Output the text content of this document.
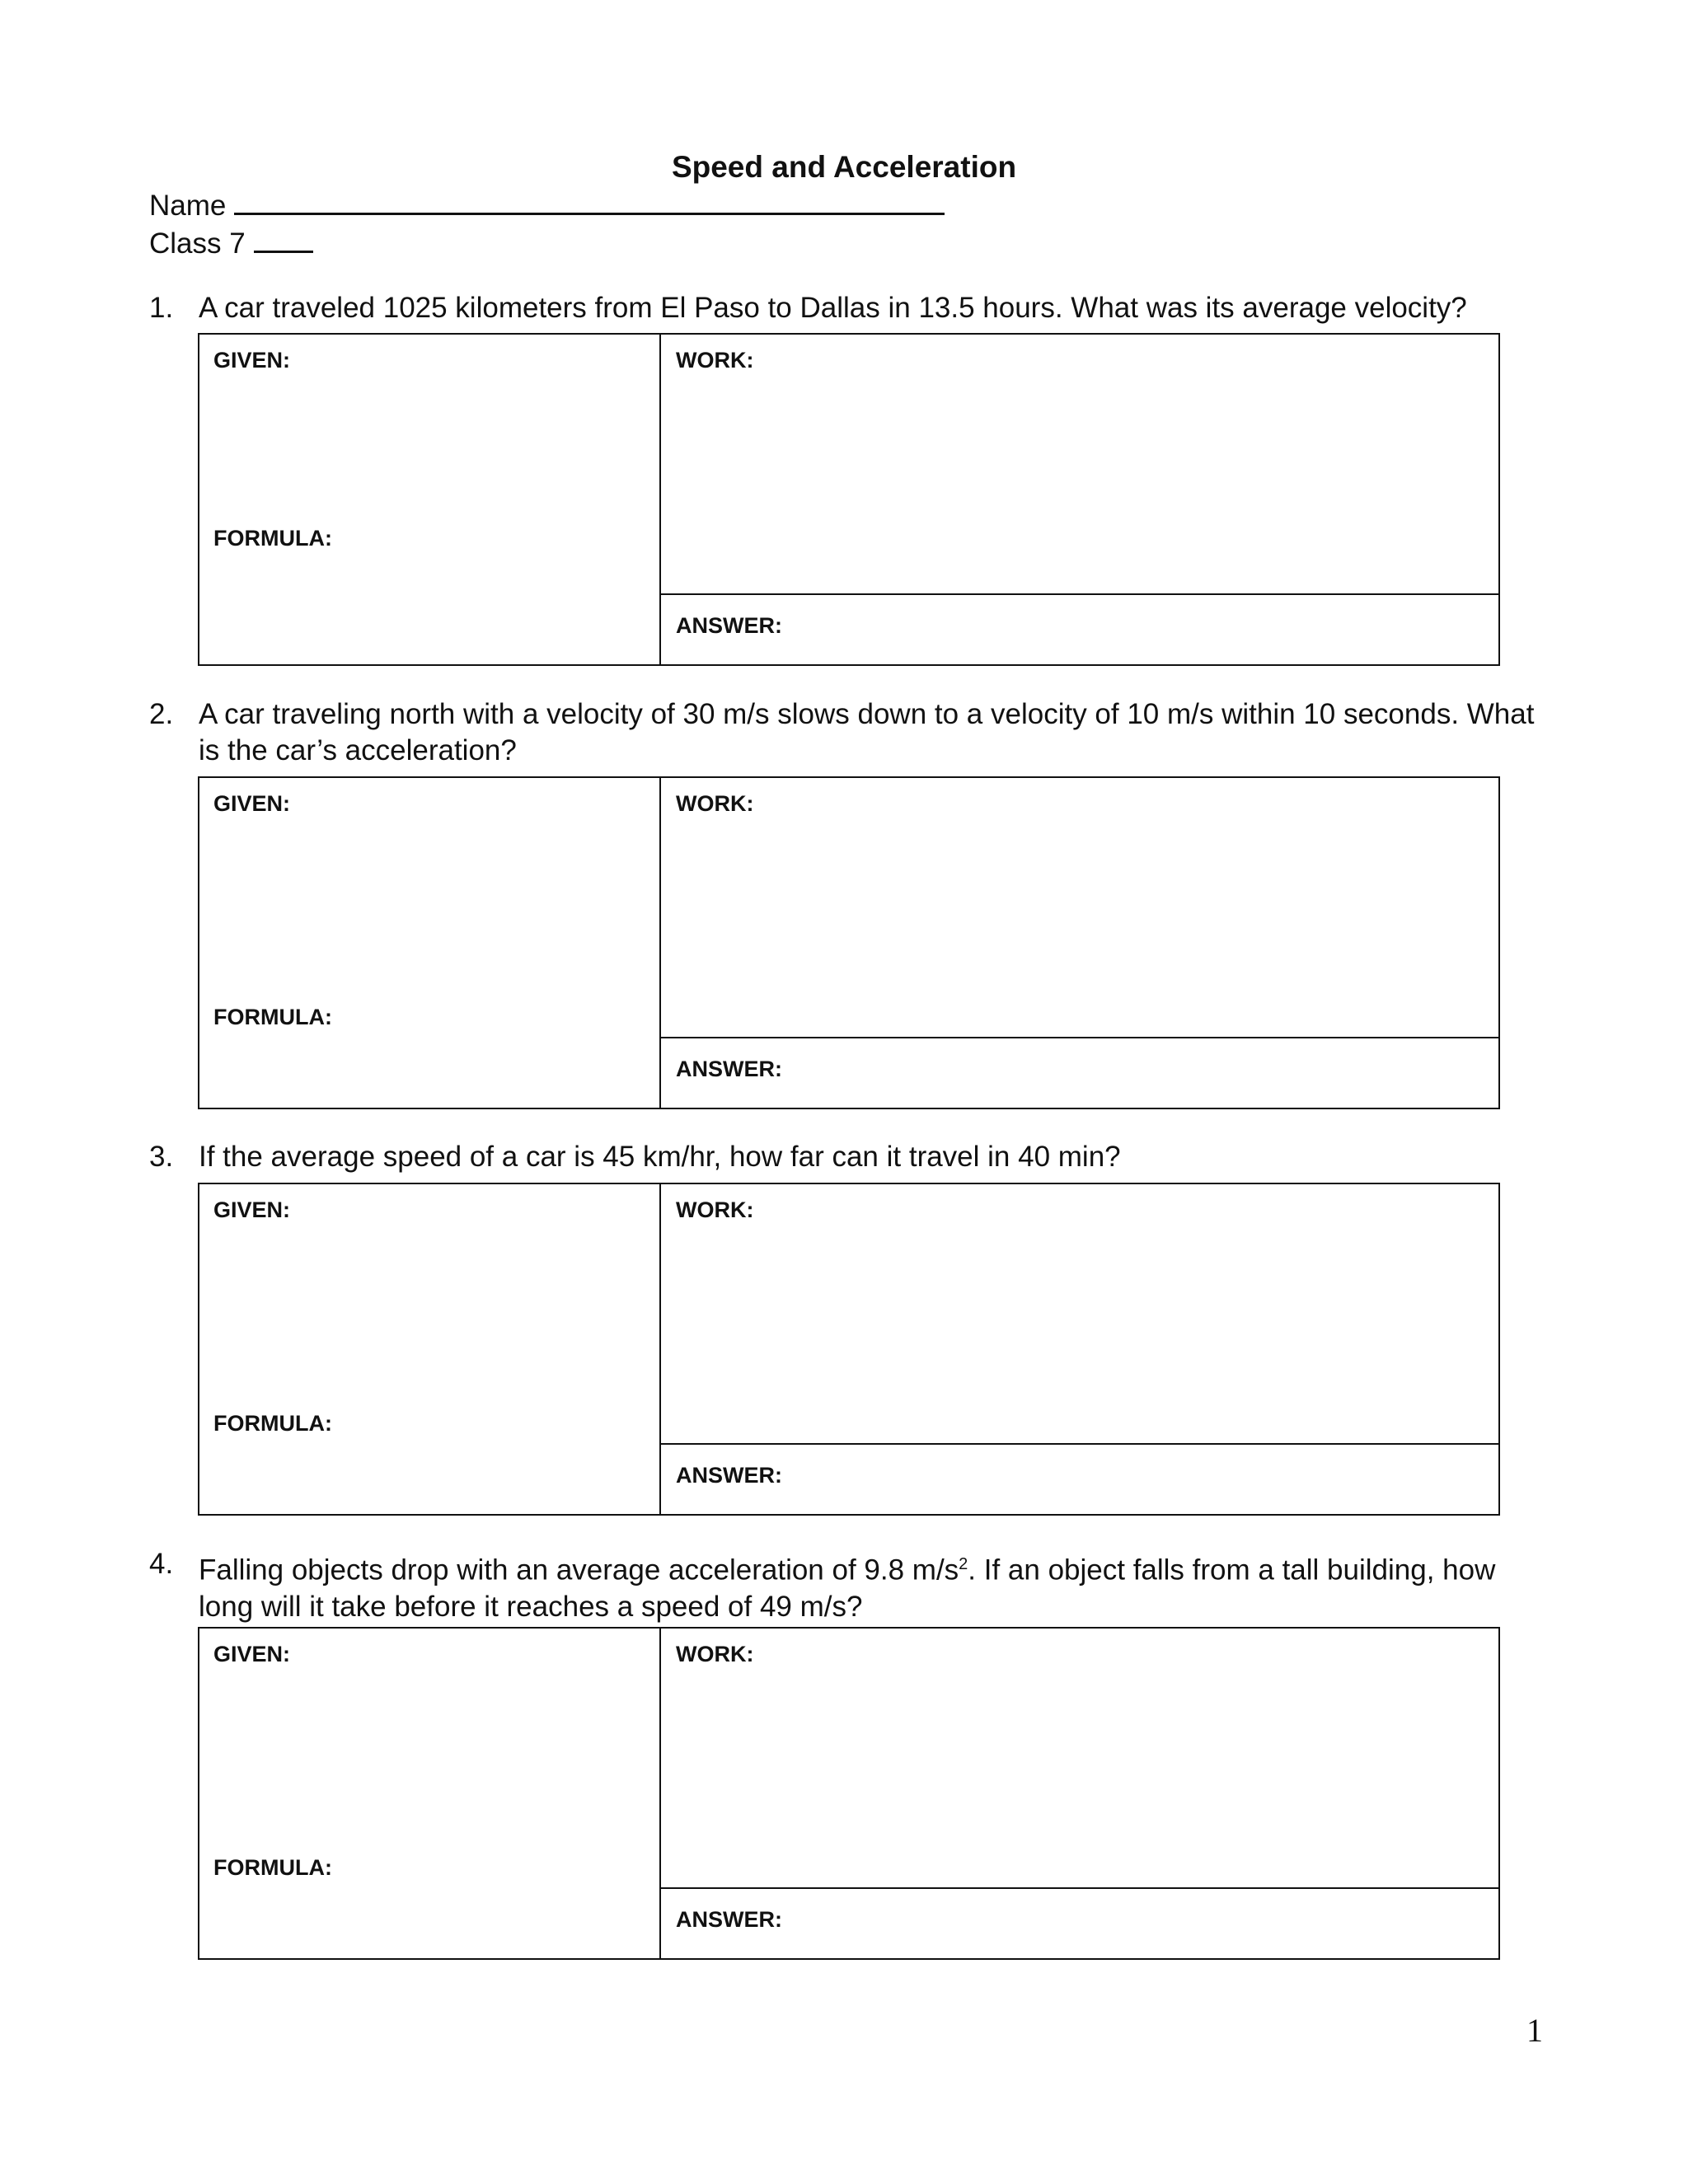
Speed and Acceleration
Name
Class 7
1. A car traveled 1025 kilometers from El Paso to Dallas in 13.5 hours. What was its average velocity?
GIVEN:
FORMULA:
WORK:
ANSWER:
2. A car traveling north with a velocity of 30 m/s slows down to a velocity of 10 m/s within 10 seconds. What is the car’s acceleration?
GIVEN:
FORMULA:
WORK:
ANSWER:
3. If the average speed of a car is 45 km/hr, how far can it travel in 40 min?
GIVEN:
FORMULA:
WORK:
ANSWER:
4. Falling objects drop with an average acceleration of 9.8 $m/s^2$. If an object falls from a tall building, how long will it take before it reaches a speed of 49 m/s?
GIVEN:
FORMULA:
WORK:
ANSWER:
1
